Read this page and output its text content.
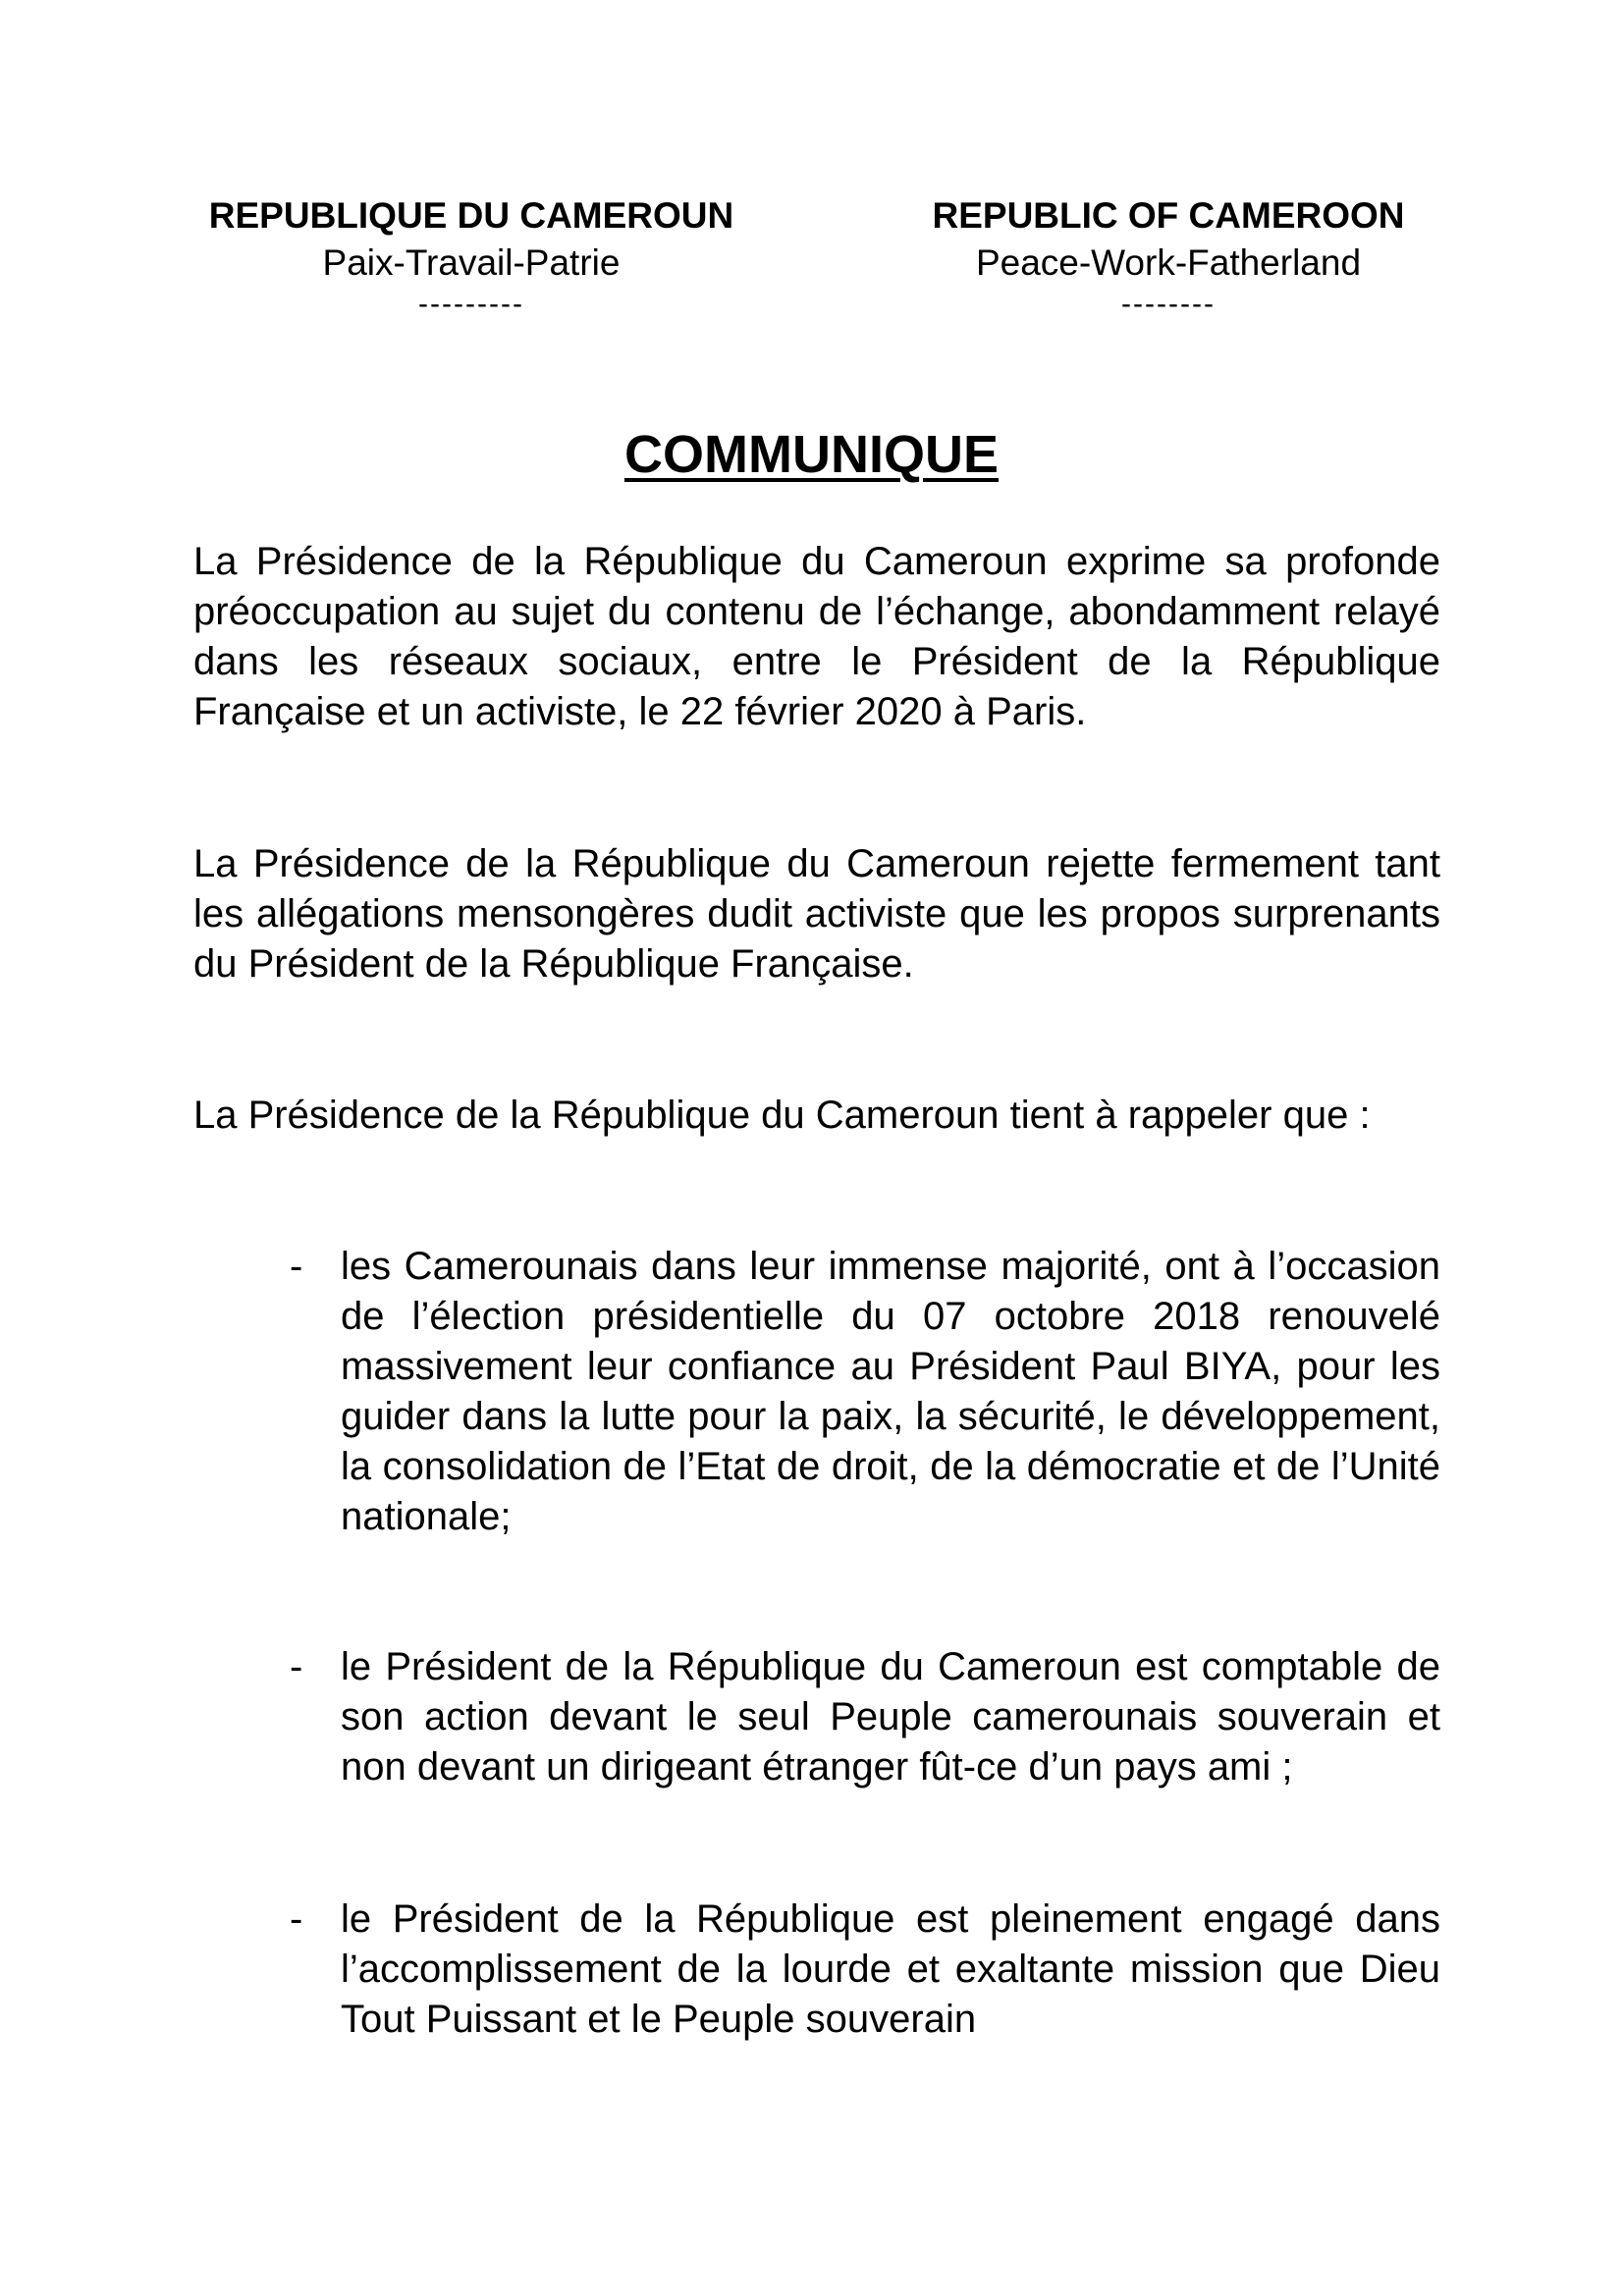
REPUBLIQUE DU CAMEROUN
Paix-Travail-Patrie
---------
REPUBLIC OF CAMEROON
Peace-Work-Fatherland
--------
COMMUNIQUE

La Présidence de la République du Cameroun exprime sa profonde préoccupation au sujet du contenu de l’échange, abondamment relayé dans les réseaux sociaux, entre le Président de la République Française et un activiste, le 22 février 2020 à Paris.

La Présidence de la République du Cameroun rejette fermement tant les allégations mensongères dudit activiste que les propos surprenants du Président de la République Française.

La Présidence de la République du Cameroun tient à rappeler que :

- les Camerounais dans leur immense majorité, ont à l’occasion de l’élection présidentielle du 07 octobre 2018 renouvelé massivement leur confiance au Président Paul BIYA, pour les guider dans la lutte pour la paix, la sécurité, le développement, la consolidation de l’Etat de droit, de la démocratie et de l’Unité nationale;
- le Président de la République du Cameroun est comptable de son action devant le seul Peuple camerounais souverain et non devant un dirigeant étranger fût-ce d’un pays ami ;
- le Président de la République est pleinement engagé dans l’accomplissement de la lourde et exaltante mission que Dieu Tout Puissant et le Peuple souverain
